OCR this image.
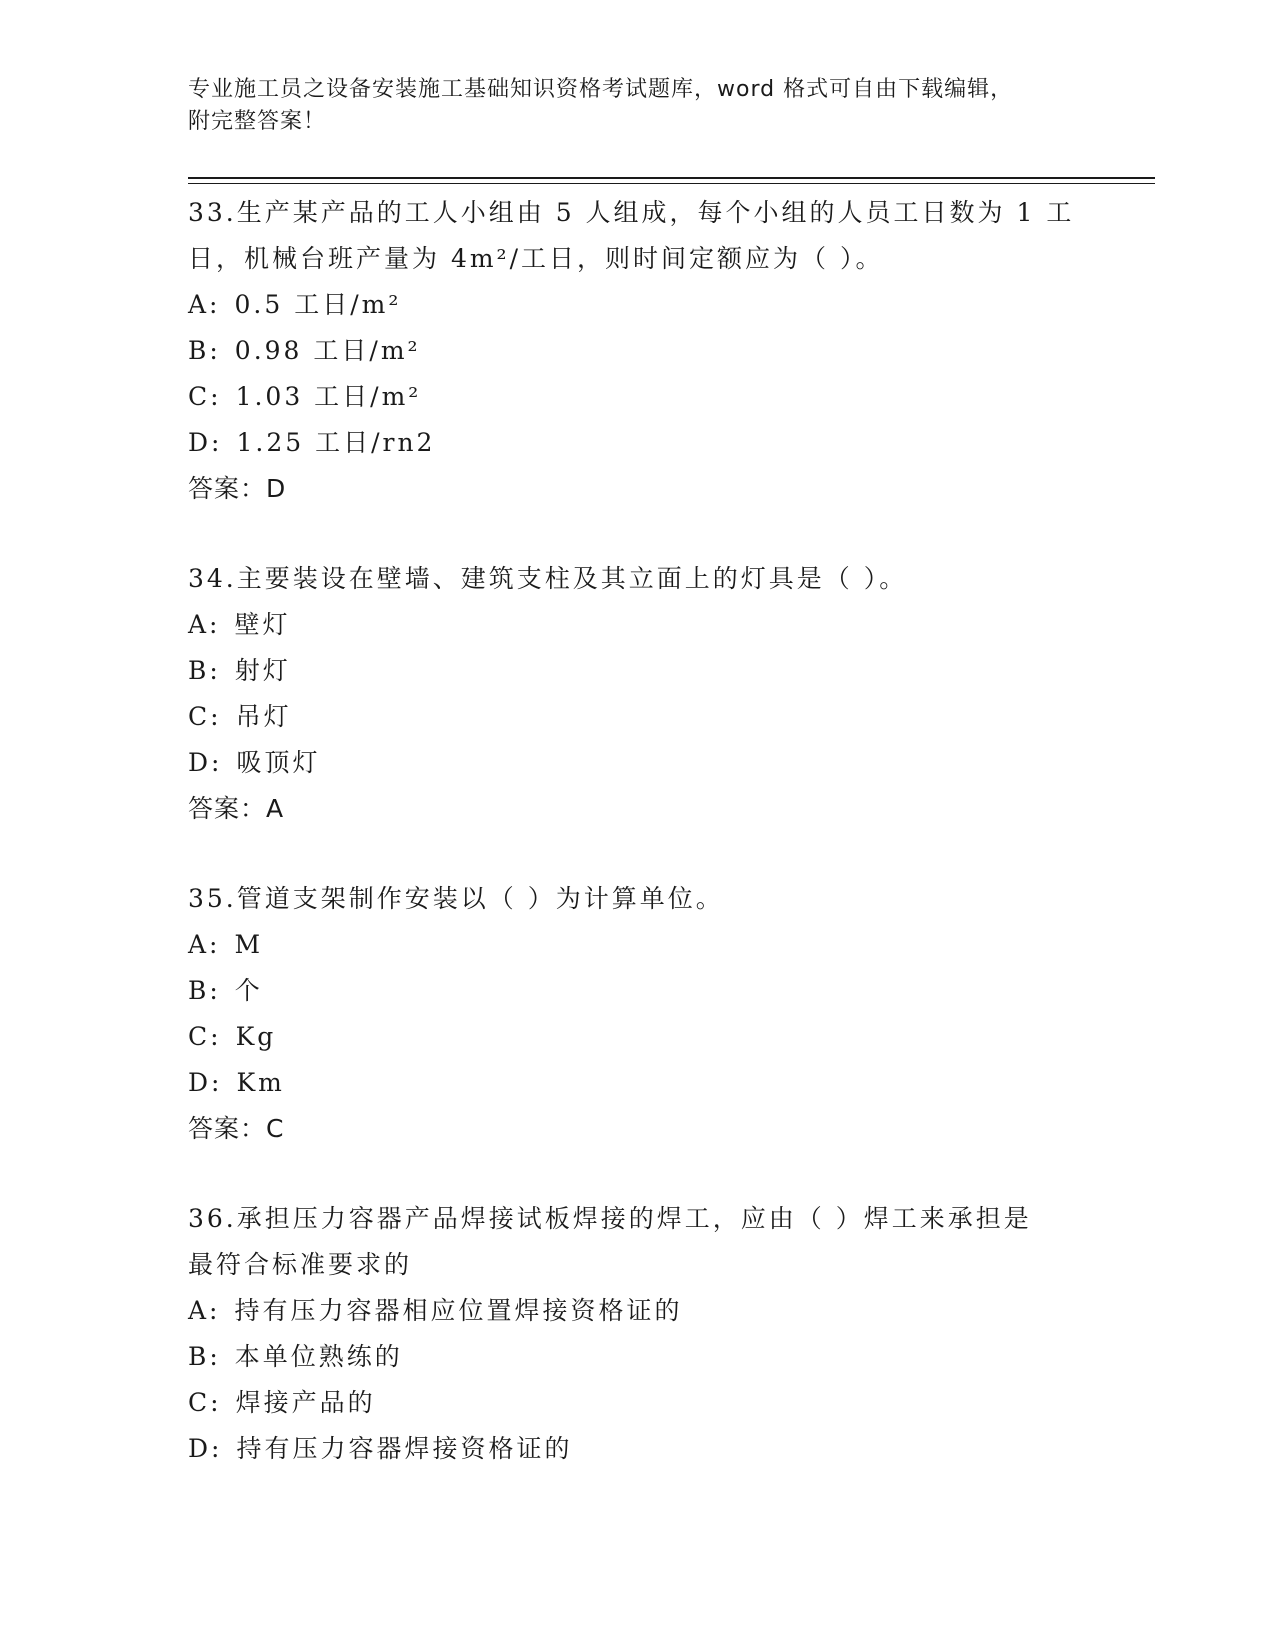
专业施工员之设备安装施工基础知识资格考试题库，word 格式可自由下载编辑，
附完整答案！
33.生产某产品的工人小组由 5 人组成，每个小组的人员工日数为 1 工
日，机械台班产量为 4m²/工日，则时间定额应为（ ）。
A: 0.5 工日/m²
B: 0.98 工日/m²
C: 1.03 工日/m²
D: 1.25 工日/rn2
答案：D
34.主要装设在壁墙、建筑支柱及其立面上的灯具是（ ）。
A: 壁灯
B: 射灯
C: 吊灯
D: 吸顶灯
答案：A
35.管道支架制作安装以（ ）为计算单位。
A: M
B: 个
C: Kg
D: Km
答案：C
36.承担压力容器产品焊接试板焊接的焊工，应由（ ）焊工来承担是
最符合标准要求的
A: 持有压力容器相应位置焊接资格证的
B: 本单位熟练的
C: 焊接产品的
D: 持有压力容器焊接资格证的
